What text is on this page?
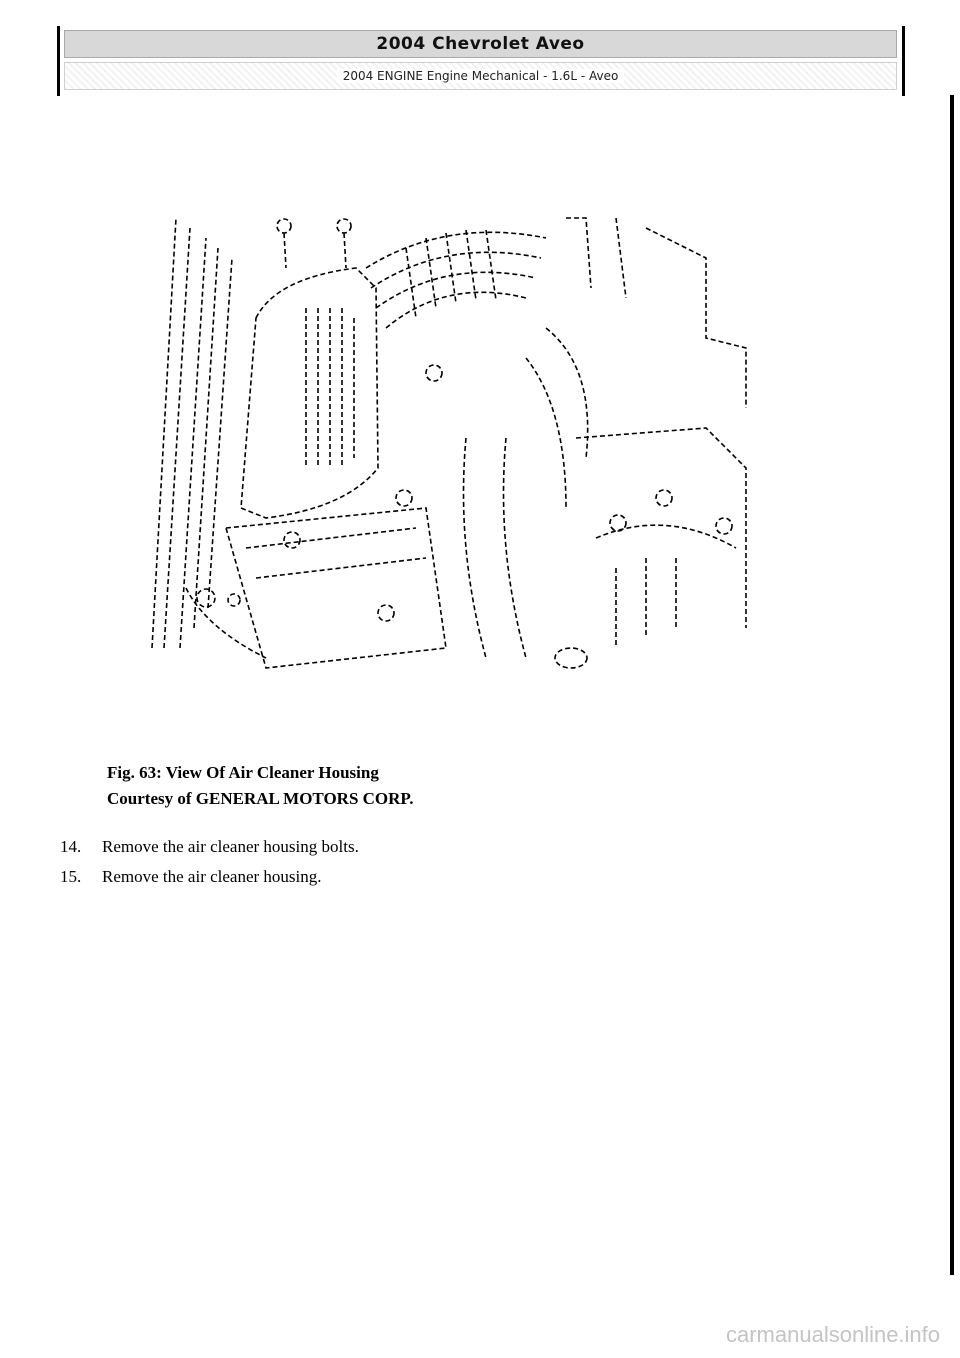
2004 Chevrolet Aveo
2004 ENGINE Engine Mechanical - 1.6L - Aveo
Fig. 63: View Of Air Cleaner Housing
Courtesy of GENERAL MOTORS CORP.
14.	Remove the air cleaner housing bolts.
15.	Remove the air cleaner housing.
carmanualsonline.info
